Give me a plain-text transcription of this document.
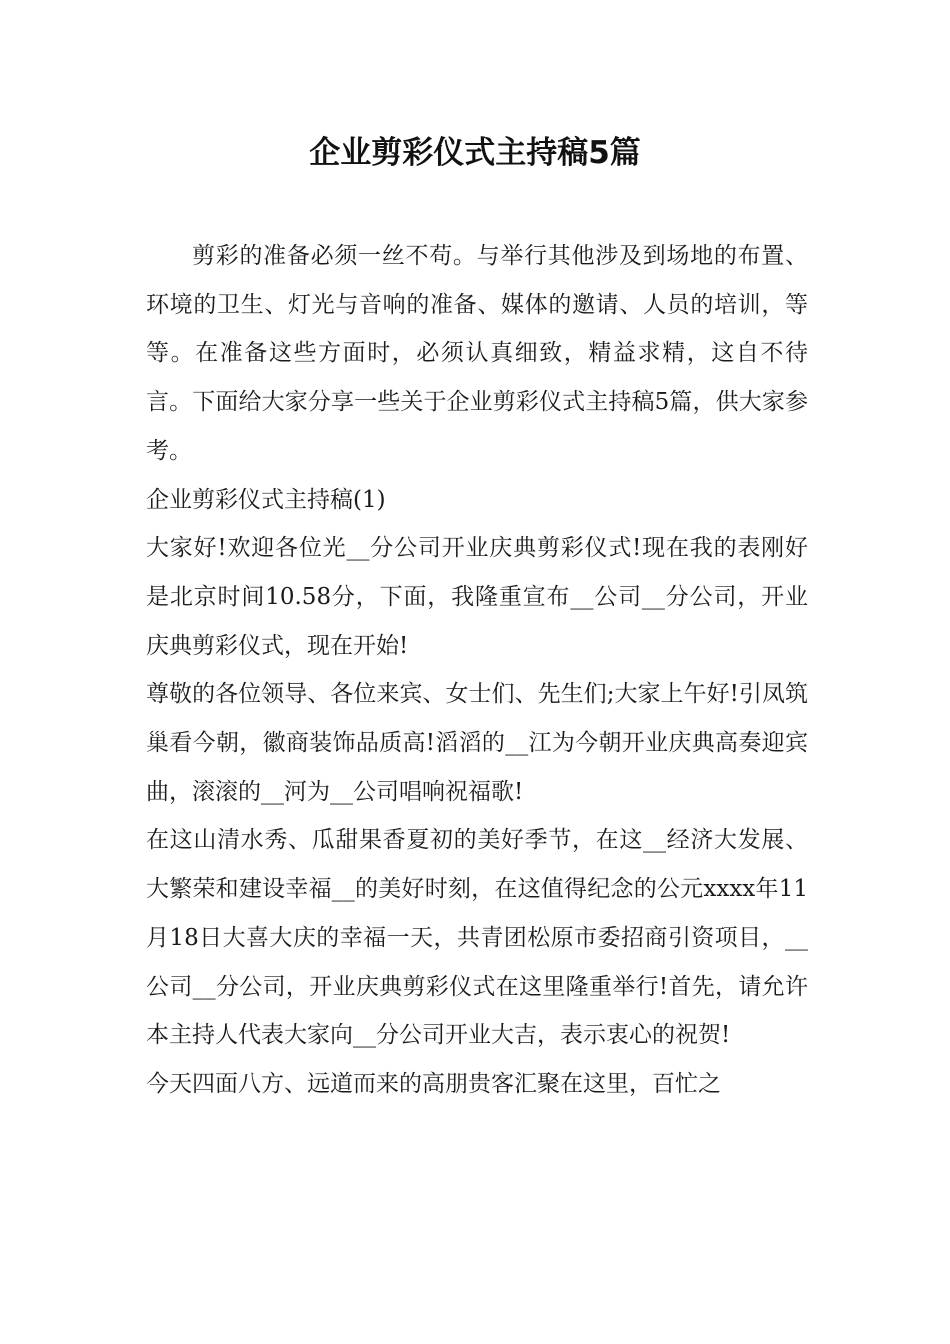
企业剪彩仪式主持稿5篇

剪彩的准备必须一丝不苟。与举行其他涉及到场地的布置、环境的卫生、灯光与音响的准备、媒体的邀请、人员的培训，等等。在准备这些方面时，必须认真细致，精益求精，这自不待言。下面给大家分享一些关于企业剪彩仪式主持稿5篇，供大家参考。

企业剪彩仪式主持稿(1)

大家好!欢迎各位光__分公司开业庆典剪彩仪式!现在我的表刚好是北京时间10.58分，下面，我隆重宣布__公司__分公司，开业庆典剪彩仪式，现在开始!

尊敬的各位领导、各位来宾、女士们、先生们;大家上午好!引凤筑巢看今朝，徽商装饰品质高!滔滔的__江为今朝开业庆典高奏迎宾曲，滚滚的__河为__公司唱响祝福歌!

在这山清水秀、瓜甜果香夏初的美好季节，在这__经济大发展、大繁荣和建设幸福__的美好时刻，在这值得纪念的公元xxxx年11月18日大喜大庆的幸福一天，共青团松原市委招商引资项目，__公司__分公司，开业庆典剪彩仪式在这里隆重举行!首先，请允许本主持人代表大家向__分公司开业大吉，表示衷心的祝贺!

今天四面八方、远道而来的高朋贵客汇聚在这里，百忙之
